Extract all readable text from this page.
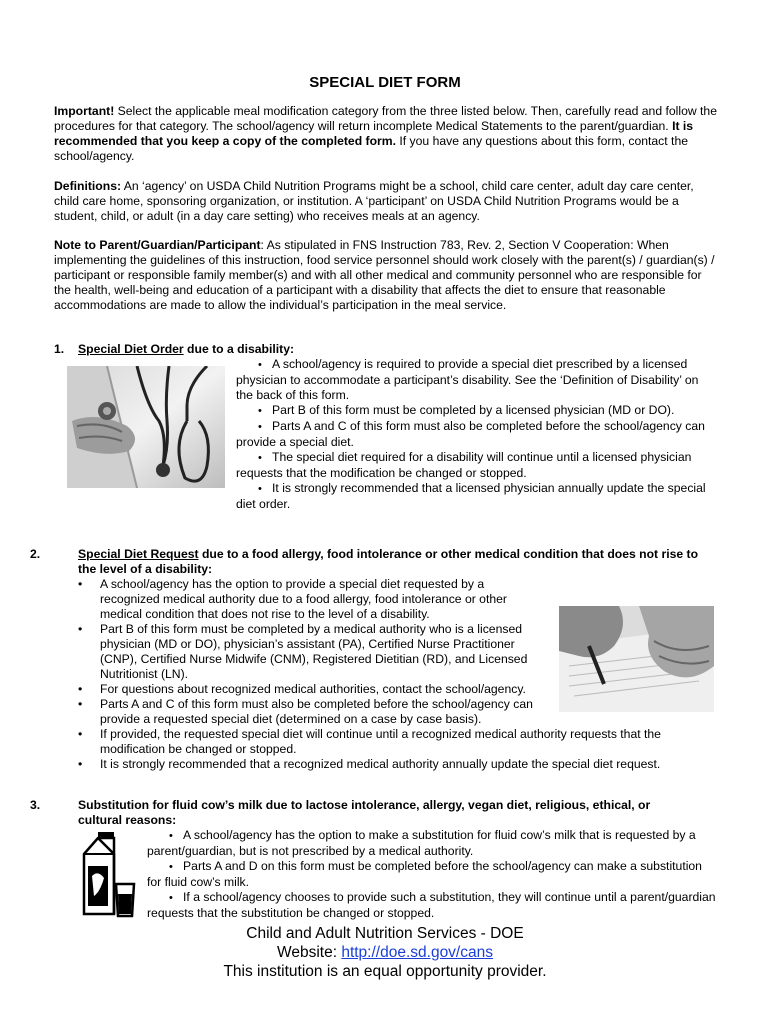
SPECIAL DIET FORM
Important! Select the applicable meal modification category from the three listed below. Then, carefully read and follow the procedures for that category. The school/agency will return incomplete Medical Statements to the parent/guardian. It is recommended that you keep a copy of the completed form. If you have any questions about this form, contact the school/agency.
Definitions: An ‘agency’ on USDA Child Nutrition Programs might be a school, child care center, adult day care center, child care home, sponsoring organization, or institution. A ‘participant’ on USDA Child Nutrition Programs would be a student, child, or adult (in a day care setting) who receives meals at an agency.
Note to Parent/Guardian/Participant: As stipulated in FNS Instruction 783, Rev. 2, Section V Cooperation: When implementing the guidelines of this instruction, food service personnel should work closely with the parent(s) / guardian(s) / participant or responsible family member(s) and with all other medical and community personnel who are responsible for the health, well-being and education of a participant with a disability that affects the diet to ensure that reasonable accommodations are made to allow the individual’s participation in the meal service.
1. Special Diet Order due to a disability:
• A school/agency is required to provide a special diet prescribed by a licensed physician to accommodate a participant’s disability. See the ‘Definition of Disability’ on the back of this form.
• Part B of this form must be completed by a licensed physician (MD or DO).
• Parts A and C of this form must also be completed before the school/agency can provide a special diet.
• The special diet required for a disability will continue until a licensed physician requests that the modification be changed or stopped.
• It is strongly recommended that a licensed physician annually update the special diet order.
2.	Special Diet Request due to a food allergy, food intolerance or other medical condition that does not rise to the level of a disability:
• A school/agency has the option to provide a special diet requested by a recognized medical authority due to a food allergy, food intolerance or other medical condition that does not rise to the level of a disability.
• Part B of this form must be completed by a medical authority who is a licensed physician (MD or DO), physician’s assistant (PA), Certified Nurse Practitioner (CNP), Certified Nurse Midwife (CNM), Registered Dietitian (RD), and Licensed Nutritionist (LN).
• For questions about recognized medical authorities, contact the school/agency.
• Parts A and C of this form must also be completed before the school/agency can provide a requested special diet (determined on a case by case basis).
• If provided, the requested special diet will continue until a recognized medical authority requests that the modification be changed or stopped.
• It is strongly recommended that a recognized medical authority annually update the special diet request.
3.	Substitution for fluid cow’s milk due to lactose intolerance, allergy, vegan diet, religious, ethical, or cultural reasons:
• A school/agency has the option to make a substitution for fluid cow’s milk that is requested by a parent/guardian, but is not prescribed by a medical authority.
• Parts A and D on this form must be completed before the school/agency can make a substitution for fluid cow’s milk.
• If a school/agency chooses to provide such a substitution, they will continue until a parent/guardian requests that the substitution be changed or stopped.
Child and Adult Nutrition Services - DOE
Website: http://doe.sd.gov/cans
This institution is an equal opportunity provider.
